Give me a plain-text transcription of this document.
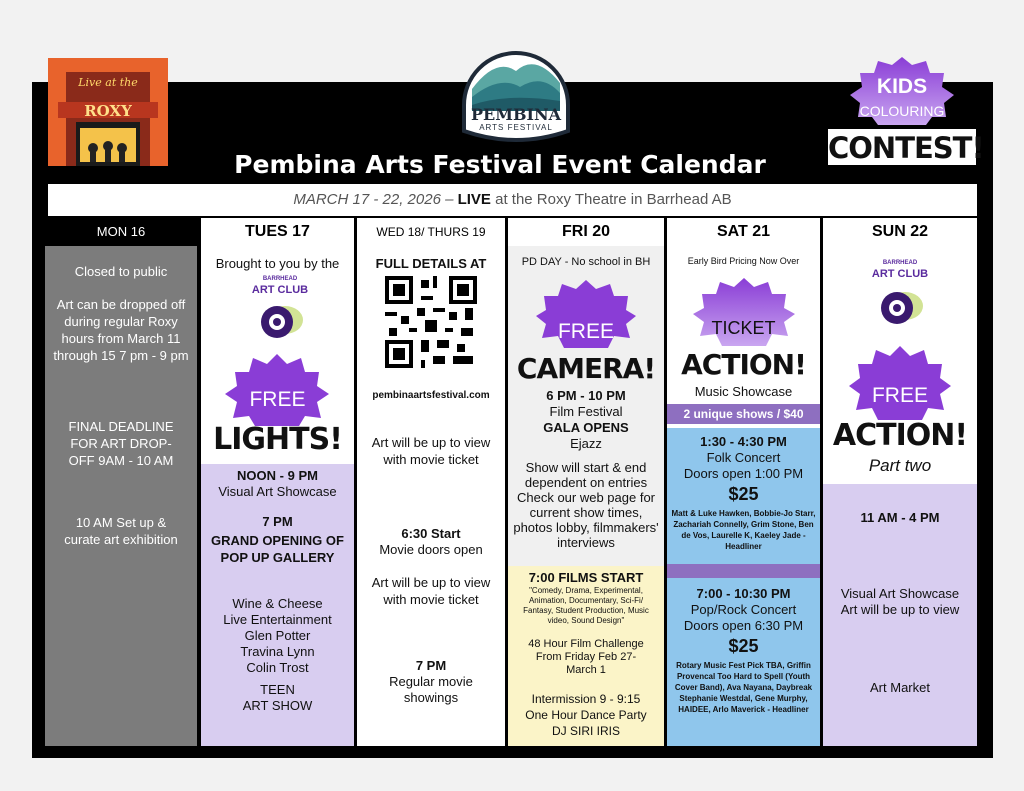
Live at the
ROXY	PEMBINA
ARTS FESTIVAL
KIDS
COLOURING
CONTEST!
Pembina Arts Festival Event Calendar
MARCH 17 - 22, 2026 – LIVE at the Roxy Theatre in Barrhead AB
MON 16
Closed to public
Art can be dropped off during regular Roxy hours from March 11 through 15 7 pm - 9 pm
FINAL DEADLINE FOR ART DROP-OFF 9AM - 10 AM
10 AM Set up & curate art exhibition
TUES 17
Brought to you by the
BARRHEAD
ART CLUB
FREE
LIGHTS!
NOON - 9 PM
Visual Art Showcase
7 PM
GRAND OPENING OF POP UP GALLERY
Wine & Cheese
Live Entertainment
Glen Potter
Travina Lynn
Colin Trost
TEEN
ART SHOW
WED 18/ THURS 19
FULL DETAILS AT
pembinaartsfestival.com
Art will be up to view with movie ticket
6:30 Start
Movie doors open
Art will be up to view with movie ticket
7 PM
Regular movie showings
FRI 20
PD DAY - No school in BH
FREE
CAMERA!
6 PM - 10 PM
Film Festival
GALA OPENS
Ejazz
Show will start & end dependent on entries Check our web page for current show times, photos lobby, filmmakers' interviews
7:00 FILMS START
"Comedy, Drama, Experimental, Animation, Documentary, Sci-Fi/ Fantasy, Student Production, Music video, Sound Design"
48 Hour Film Challenge From Friday Feb 27- March 1
Intermission 9 - 9:15
One Hour Dance Party
DJ SIRI IRIS
SAT 21
Early Bird Pricing Now Over
TICKET
ACTION!
Music Showcase
2 unique shows / $40
1:30 - 4:30 PM
Folk Concert
Doors open 1:00 PM
$25
Matt & Luke Hawken, Bobbie-Jo Starr, Zachariah Connelly, Grim Stone, Ben de Vos, Laurelle K, Kaeley Jade - Headliner
7:00 - 10:30 PM
Pop/Rock Concert
Doors open 6:30 PM
$25
Rotary Music Fest Pick TBA, Griffin Provencal Too Hard to Spell (Youth Cover Band), Ava Nayana, Daybreak Stephanie Westdal, Gene Murphy, HAIDEE, Arlo Maverick - Headliner
SUN 22
BARRHEAD
ART CLUB
FREE
ACTION!
Part two
11 AM - 4 PM
Visual Art Showcase
Art will be up to view
Art Market
